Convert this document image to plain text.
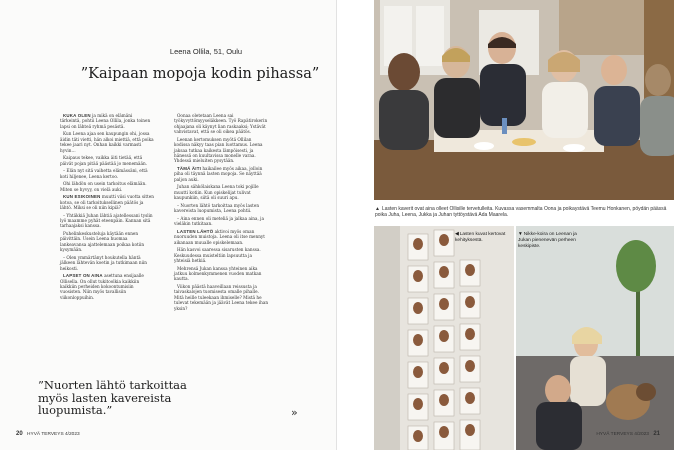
Leena Ollila, 51, Oulu
”Kaipaan mopoja kodin pihassa”

KUKA OLEN ja mikä on elämäni tärkeintä, pohtii Leena Ollila, jonka toinen lapsi on lähteä ryhmä pesästä.

Kun Leena ajaa sen kaupungin ohi, jossa äidin täti vietti, hän alkoi miettiä, että poika tekee jaari nyt. Onhan kaikki varmasti hyvin…

Kaipaus tekee, vaikka äiti tietää, että päivät pojan pitää päästää jo menemään.

– Elän nyt sitä vaihetta elämässäni, että koti hiljenee, Leena kertoo.

Ohi lähdön on usein tarkoitus elämään. Miten se hyvyy, on vielä auki.

KUN ESIKOINEN muutti viisi vuotta sitten kotoa, se oli tarkoituksellinen päätös ja lähtö. Miksi se oli niin kipiä?

– Yhtäkkiä Juhan lähtiä ajatellessani tyslin lyö maamme pyhät eteenpäin. Kannan sitä tarhaajaksi kanssa.

Puhelinkeskusteluja käytään ennen päivittäin. Usein Leena huomaa lankeavansa ajattelemaan poikaa kotiin kysymään.

– Olen ymmärtänyt houkutella häntä jälkeen lähtevän koetin ja tutkimaan niin heikosti.

LAPSET ON AINA asettuna ensijaalle Ollisella. On ollut tukitoolkia kaikkiin kaikkiin perheiden kokoontumisiin vuosisten. Niin myös tavallisiin viikonloppuihin.

Oonaa oletetaan Leena sai työkyvyttömyyseläkkeen. Työ Rapätirokerin ohjaajana oli käynyt lian raskaaksi; Ystävät vahvistavat, että se oli oikea päätös.

Leenan kertomuksen myötä Ollilan kodissa näkyy taas pian luottamus. Leena jaksaa tutkaa kaikesta lämpöisesti, ja hänessä on kuultavissa monelle varaa. Yhdessä mieluiten pysytään.

TÄMÄ ÄITI haikailee myös aikaa, jolloin piha oli täynnä lasten mopoja. Se näyttää paljon auki.

Juhan sähkölaiskana Leena toki pojille muutti kotiin. Kun opiskelijat tulivat kaupunkiin, siitä oli suuri apu.

– Nuorten lähtö tarkoittaa myös lasten kavereista luopumista, Leena pohtii.

– Aina ennen oli meteliä ja jalkaa aina, ja vieläkin tutkitaan.

LASTEN LÄHTÖ aktivoi myös oman nuoruuden muistoja. Leena oli itse mennyt aikanaan muualle opiskelemaan.

Hän kasvoi saaressa sisarusten kanssa. Keskuudessa muisteltiin lapsuutta ja yhteisiä hetkiä.

Mehrensä Jukan kanssa yhteinen aika jatkuu kolmenkymmenen vuoden matkan kautta.

Viikon päästä haaveillaan reissusta ja taivaskalojen tuomisesta omalle pihalle. Mitä heille tuleekaan ihmiselle? Mistä he tulevat tekemään ja jäävät Leena tekee ihan yksin?

”Nuorten lähtö tarkoittaa myös lasten kavereista luopumista.”	»
20 HYVÄ TERVEYS 4/2023
▲ Lasten kaverit ovat aina olleet Ollisille tervetulleita. Kuvassa vasemmalta Oona ja poikaystävä Teemu Honkanen, pöydän päässä poika Juha, Leena, Jukka ja Juhan tyttöystävä Ada Maarela.
◀Lasten kuvat kertovat kehityksestä.
▼Nikke-koira on Leenan ja Jukan pienenevän perheen keskipiste.
HYVÄ TERVEYS 4/2023 21
